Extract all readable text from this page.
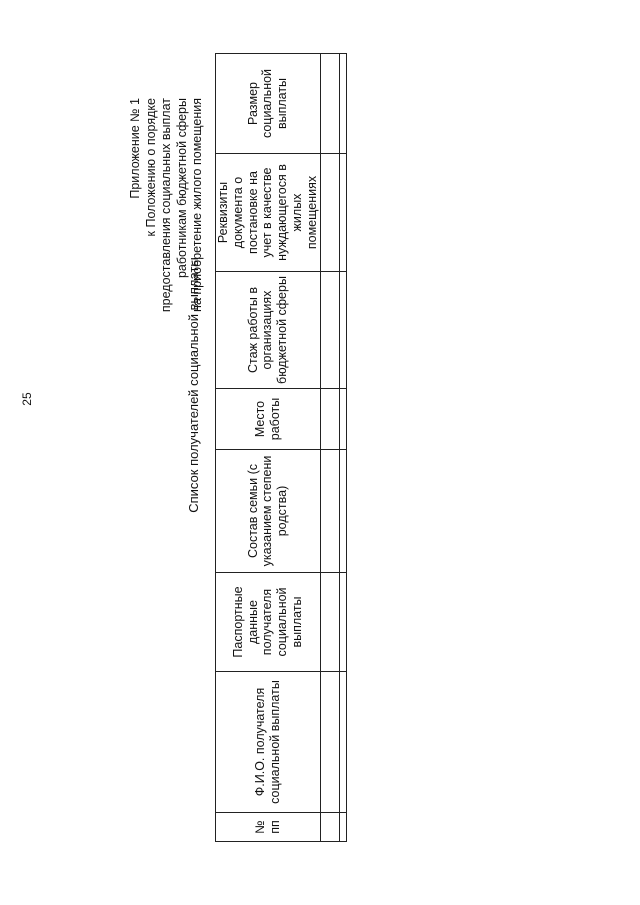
25
Приложение № 1 к Положению о порядке предоставления социальных выплат работникам бюджетной сферы на приобретение жилого помещения
Список получателей социальной выплаты
№ пп	Ф.И.О. получателя социальной выплаты	Паспортные данные получателя социальной выплаты	Состав семьи (с указанием степени родства)	Место работы	Стаж работы в организациях бюджетной сферы	Реквизиты документа о постановке на учет в качестве нуждающегося в жилых помещениях	Размер социальной выплаты
